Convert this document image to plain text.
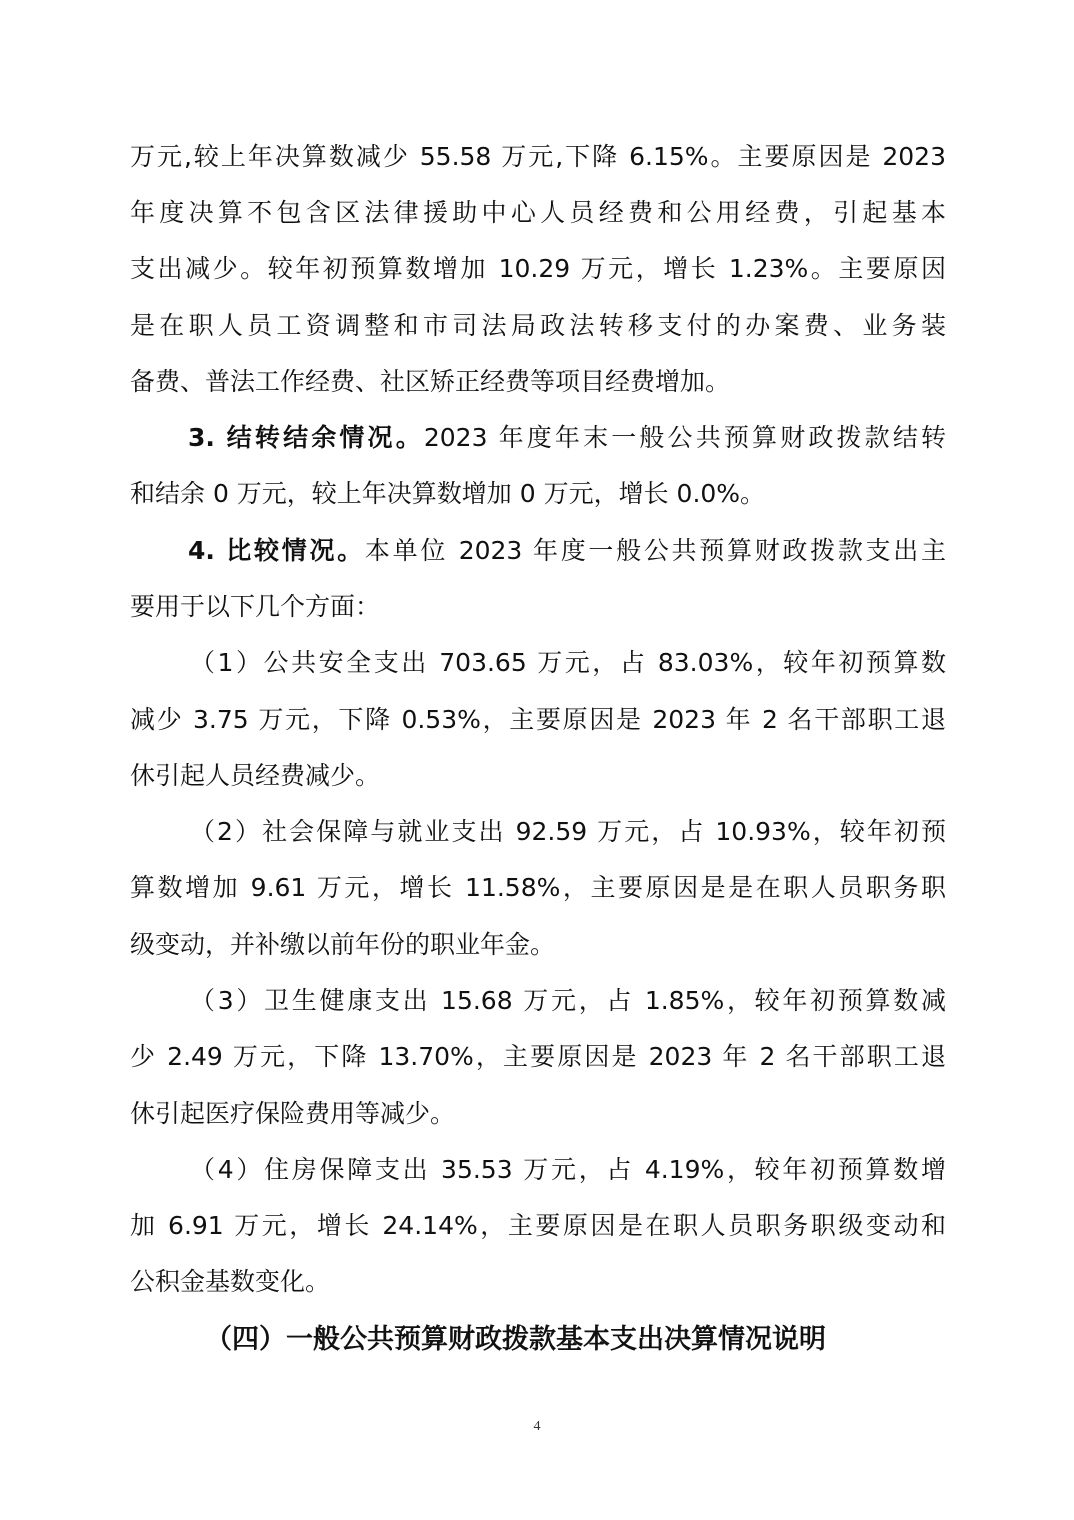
万元,较上年决算数减少 55.58 万元,下降 6.15%。主要原因是 2023
年度决算不包含区法律援助中心人员经费和公用经费，引起基本
支出减少。较年初预算数增加 10.29 万元，增长 1.23%。主要原因
是在职人员工资调整和市司法局政法转移支付的办案费、业务装
备费、普法工作经费、社区矫正经费等项目经费增加。
3. 结转结余情况。2023 年度年末一般公共预算财政拨款结转
和结余 0 万元，较上年决算数增加 0 万元，增长 0.0%。
4. 比较情况。本单位 2023 年度一般公共预算财政拨款支出主
要用于以下几个方面：
（1）公共安全支出 703.65 万元，占 83.03%，较年初预算数
减少 3.75 万元，下降 0.53%，主要原因是 2023 年 2 名干部职工退
休引起人员经费减少。
（2）社会保障与就业支出 92.59 万元，占 10.93%，较年初预
算数增加 9.61 万元，增长 11.58%，主要原因是是在职人员职务职
级变动，并补缴以前年份的职业年金。
（3）卫生健康支出 15.68 万元，占 1.85%，较年初预算数减
少 2.49 万元，下降 13.70%，主要原因是 2023 年 2 名干部职工退
休引起医疗保险费用等减少。
（4）住房保障支出 35.53 万元，占 4.19%，较年初预算数增
加 6.91 万元，增长 24.14%，主要原因是在职人员职务职级变动和
公积金基数变化。
（四）一般公共预算财政拨款基本支出决算情况说明
4
